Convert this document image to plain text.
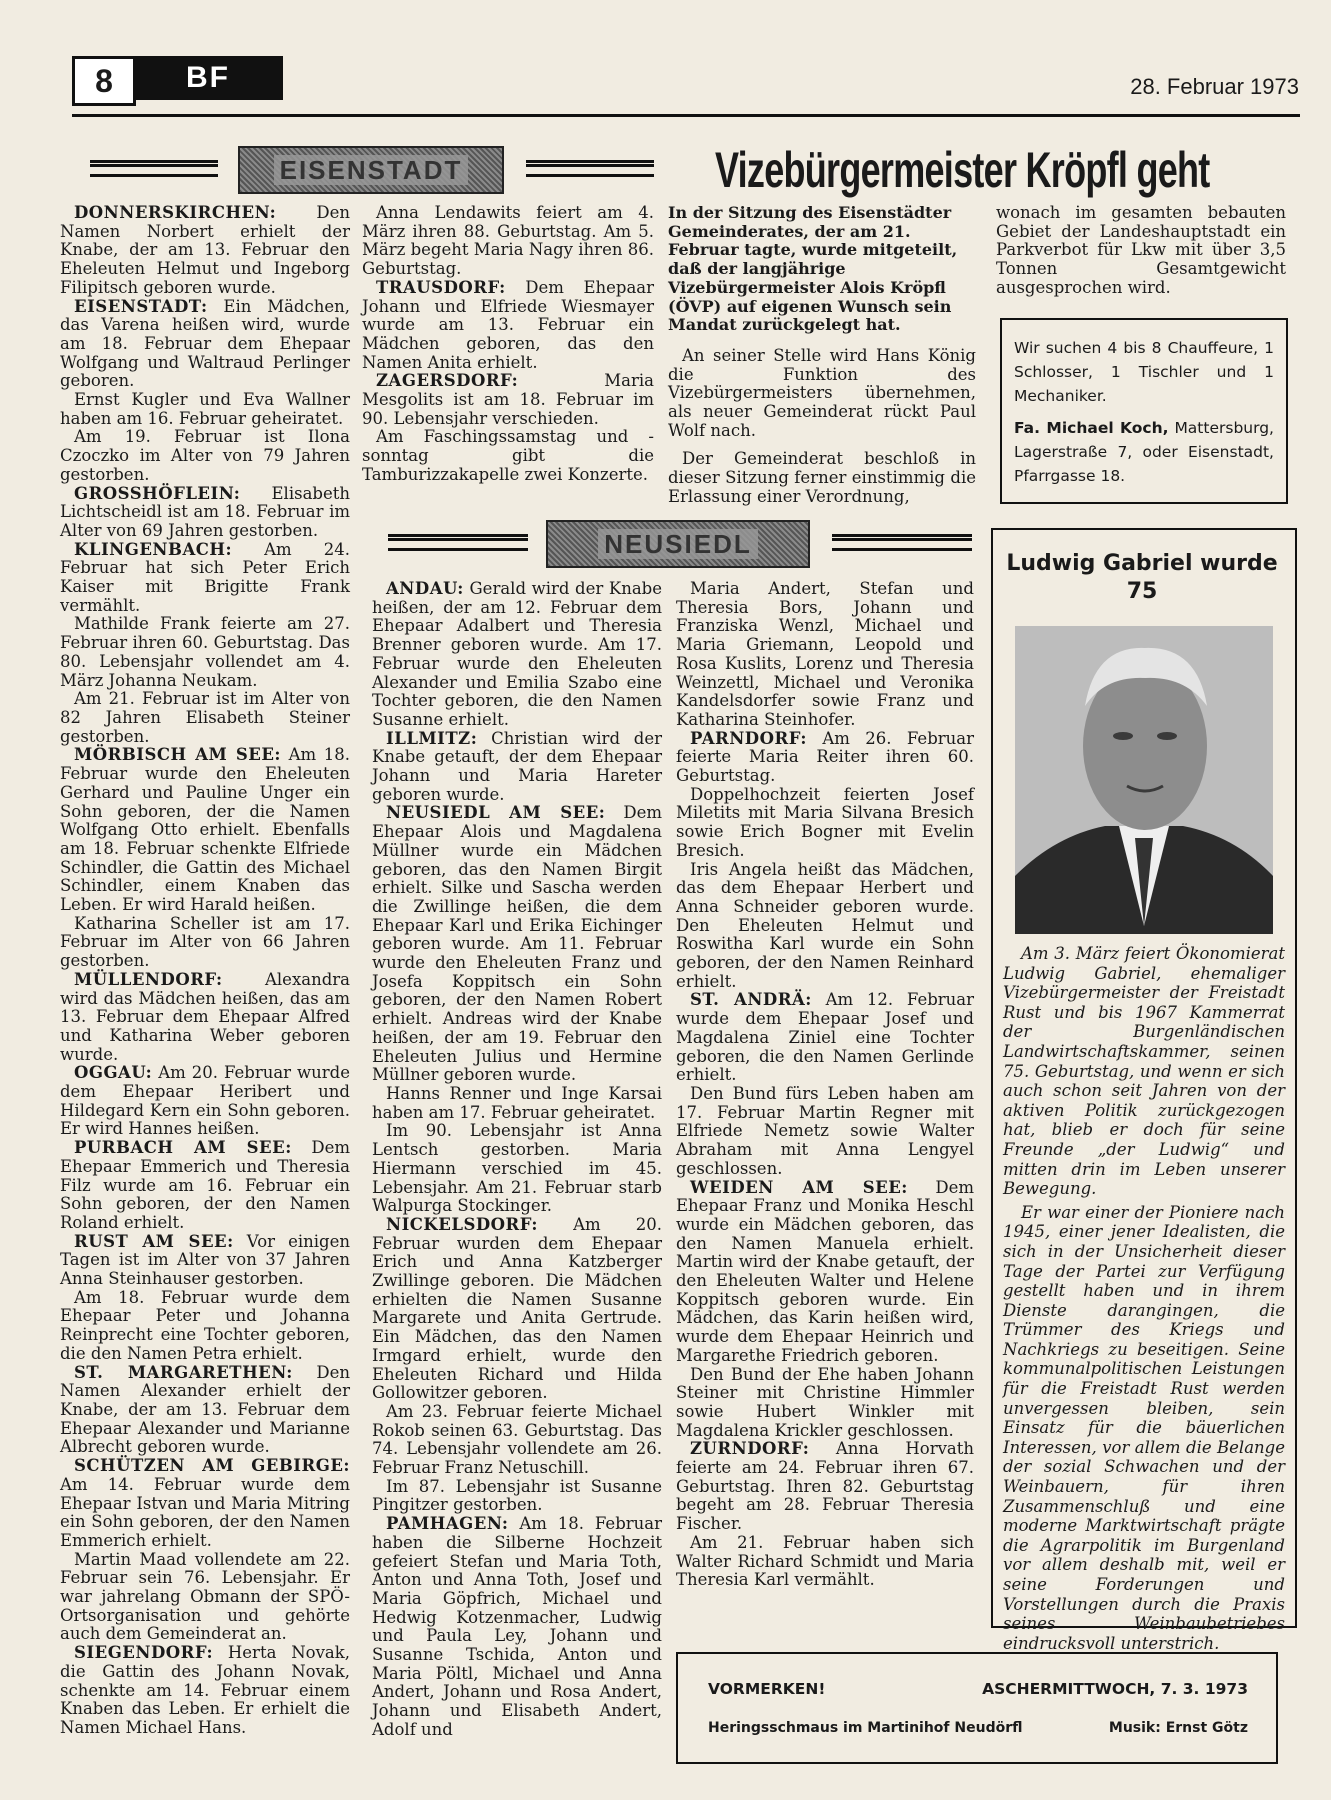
8	BF	28. Februar 1973
EISENSTADT	Vizebürgermeister Kröpfl geht

DONNERSKIRCHEN: Den Namen Norbert erhielt der Knabe, der am 13. Februar den Eheleuten Helmut und Ingeborg Filipitsch geboren wurde.

EISENSTADT: Ein Mädchen, das Varena heißen wird, wurde am 18. Februar dem Ehepaar Wolfgang und Waltraud Perlinger geboren.

Ernst Kugler und Eva Wallner haben am 16. Februar geheiratet.

Am 19. Februar ist Ilona Czoczko im Alter von 79 Jahren gestorben.

GROSSHÖFLEIN: Elisabeth Lichtscheidl ist am 18. Februar im Alter von 69 Jahren gestorben.

KLINGENBACH: Am 24. Februar hat sich Peter Erich Kaiser mit Brigitte Frank vermählt.

Mathilde Frank feierte am 27. Februar ihren 60. Geburtstag. Das 80. Lebensjahr vollendet am 4. März Johanna Neukam.

Am 21. Februar ist im Alter von 82 Jahren Elisabeth Steiner gestorben.

MÖRBISCH AM SEE: Am 18. Februar wurde den Eheleuten Gerhard und Pauline Unger ein Sohn geboren, der die Namen Wolfgang Otto erhielt. Ebenfalls am 18. Februar schenkte Elfriede Schindler, die Gattin des Michael Schindler, einem Knaben das Leben. Er wird Harald heißen.

Katharina Scheller ist am 17. Februar im Alter von 66 Jahren gestorben.

MÜLLENDORF:	Alexandra wird das Mädchen heißen, das am 13. Februar dem Ehepaar Alfred und Katharina Weber geboren wurde.

OGGAU: Am 20. Februar wurde dem Ehepaar Heribert und Hildegard Kern ein Sohn geboren. Er wird Hannes heißen.

PURBACH AM SEE: Dem Ehepaar Emmerich und Theresia Filz wurde am 16. Februar ein Sohn geboren, der den Namen Roland erhielt.

RUST AM SEE: Vor einigen Tagen ist im Alter von 37 Jahren Anna Steinhauser gestorben.

Am 18. Februar wurde dem Ehepaar Peter und Johanna Reinprecht eine Tochter geboren, die den Namen Petra erhielt.

ST. MARGARETHEN: Den Namen Alexander erhielt der Knabe, der am 13. Februar dem Ehepaar Alexander und Marianne Albrecht geboren wurde.

SCHÜTZEN AM GEBIRGE: Am 14. Februar wurde dem Ehepaar Istvan und Maria Mitring ein Sohn geboren, der den Namen Emmerich erhielt.

Martin Maad vollendete am 22. Februar sein 76. Lebensjahr. Er war jahrelang Obmann der SPÖ-Ortsorganisation und gehörte auch dem Gemeinderat an.

SIEGENDORF: Herta Novak, die Gattin des Johann Novak, schenkte am 14. Februar einem Knaben das Leben. Er erhielt die Namen Michael Hans.

Anna Lendawits feiert am 4. März ihren 88. Geburtstag. Am 5. März begeht Maria Nagy ihren 86. Geburtstag.

TRAUSDORF: Dem Ehepaar Johann und Elfriede Wiesmayer wurde am 13. Februar ein Mädchen geboren, das den Namen Anita erhielt.

ZAGERSDORF:	Maria Mesgolits ist am 18. Februar im 90. Lebensjahr verschieden.

Am Faschingssamstag und -sonntag gibt die Tamburizzakapelle zwei Konzerte.

In der Sitzung des Eisenstädter Gemeinderates, der am 21. Februar tagte, wurde mitgeteilt, daß der langjährige Vizebürgermeister Alois Kröpfl (ÖVP) auf eigenen Wunsch sein Mandat zurückgelegt hat.

An seiner Stelle wird Hans König die Funktion des Vizebürgermeisters übernehmen, als neuer Gemeinderat rückt Paul Wolf nach.

Der Gemeinderat beschloß in dieser Sitzung ferner einstimmig die Erlassung einer Verordnung,

wonach im gesamten bebauten Gebiet der Landeshauptstadt ein Parkverbot für Lkw mit über 3,5 Tonnen Gesamtgewicht ausgesprochen wird.

Wir suchen 4 bis 8 Chauffeure, 1 Schlosser, 1 Tischler und 1 Mechaniker.

Fa. Michael Koch, Mattersburg, Lagerstraße 7, oder Eisenstadt, Pfarrgasse 18.

NEUSIEDL

ANDAU: Gerald wird der Knabe heißen, der am 12. Februar dem Ehepaar Adalbert und Theresia Brenner geboren wurde. Am 17. Februar wurde den Eheleuten Alexander und Emilia Szabo eine Tochter geboren, die den Namen Susanne erhielt.

ILLMITZ: Christian wird der Knabe getauft, der dem Ehepaar Johann und Maria Hareter geboren wurde.

NEUSIEDL AM SEE: Dem Ehepaar Alois und Magdalena Müllner wurde ein Mädchen geboren, das den Namen Birgit erhielt. Silke und Sascha werden die Zwillinge heißen, die dem Ehepaar Karl und Erika Eichinger geboren wurde. Am 11. Februar wurde den Eheleuten Franz und Josefa Koppitsch ein Sohn geboren, der den Namen Robert erhielt. Andreas wird der Knabe heißen, der am 19. Februar den Eheleuten Julius und Hermine Müllner geboren wurde.

Hanns Renner und Inge Karsai haben am 17. Februar geheiratet.

Im 90. Lebensjahr ist Anna Lentsch gestorben. Maria Hiermann verschied im 45. Lebensjahr. Am 21. Februar starb Walpurga Stockinger.

NICKELSDORF: Am 20. Februar wurden dem Ehepaar Erich und Anna Katzberger Zwillinge geboren. Die Mädchen erhielten die Namen Susanne Margarete und Anita Gertrude. Ein Mädchen, das den Namen Irmgard erhielt, wurde den Eheleuten Richard und Hilda Gollowitzer geboren.

Am 23. Februar feierte Michael Rokob seinen 63. Geburtstag. Das 74. Lebensjahr vollendete am 26. Februar Franz Netuschill.

Im 87. Lebensjahr ist Susanne Pingitzer gestorben.

PAMHAGEN: Am 18. Februar haben die Silberne Hochzeit gefeiert Stefan und Maria Toth, Anton und Anna Toth, Josef und Maria Göpfrich, Michael und Hedwig Kotzenmacher, Ludwig und Paula Ley, Johann und Susanne Tschida, Anton und Maria Pöltl, Michael und Anna Andert, Johann und Rosa Andert, Johann und Elisabeth Andert, Adolf und

Maria Andert, Stefan und Theresia Bors, Johann und Franziska Wenzl, Michael und Maria Griemann, Leopold und Rosa Kuslits, Lorenz und Theresia Weinzettl, Michael und Veronika Kandelsdorfer sowie Franz und Katharina Steinhofer.

PARNDORF: Am 26. Februar feierte Maria Reiter ihren 60. Geburtstag.

Doppelhochzeit feierten Josef Miletits mit Maria Silvana Bresich sowie Erich Bogner mit Evelin Bresich.

Iris Angela heißt das Mädchen, das dem Ehepaar Herbert und Anna Schneider geboren wurde. Den Eheleuten Helmut und Roswitha Karl wurde ein Sohn geboren, der den Namen Reinhard erhielt.

ST. ANDRÄ: Am 12. Februar wurde dem Ehepaar Josef und Magdalena Ziniel eine Tochter geboren, die den Namen Gerlinde erhielt.

Den Bund fürs Leben haben am 17. Februar Martin Regner mit Elfriede Nemetz sowie Walter Abraham mit Anna Lengyel geschlossen.

WEIDEN AM SEE: Dem Ehepaar Franz und Monika Heschl wurde ein Mädchen geboren, das den Namen Manuela erhielt. Martin wird der Knabe getauft, der den Eheleuten Walter und Helene Koppitsch geboren wurde. Ein Mädchen, das Karin heißen wird, wurde dem Ehepaar Heinrich und Margarethe Friedrich geboren.

Den Bund der Ehe haben Johann Steiner mit Christine Himmler sowie Hubert Winkler mit Magdalena Krickler geschlossen.

ZURNDORF: Anna Horvath feierte am 24. Februar ihren 67. Geburtstag. Ihren 82. Geburtstag begeht am 28. Februar Theresia Fischer.

Am 21. Februar haben sich Walter Richard Schmidt und Maria Theresia Karl vermählt.

Ludwig Gabriel wurde 75

Am 3. März feiert Ökonomierat Ludwig Gabriel, ehemaliger Vizebürgermeister der Freistadt Rust und bis 1967 Kammerrat der Burgenländischen Landwirtschaftskammer, seinen 75. Geburtstag, und wenn er sich auch schon seit Jahren von der aktiven Politik zurückgezogen hat, blieb er doch für seine Freunde „der Ludwig“ und mitten drin im Leben unserer Bewegung.

Er war einer der Pioniere nach 1945, einer jener Idealisten, die sich in der Unsicherheit dieser Tage der Partei zur Verfügung gestellt haben und in ihrem Dienste darangingen, die Trümmer des Kriegs und Nachkriegs zu beseitigen. Seine kommunalpolitischen Leistungen für die Freistadt Rust werden unvergessen bleiben, sein Einsatz für die bäuerlichen Interessen, vor allem die Belange der sozial Schwachen und der Weinbauern, für ihren Zusammenschluß und eine moderne Marktwirtschaft prägte die Agrarpolitik im Burgenland vor allem deshalb mit, weil er seine Forderungen und Vorstellungen durch die Praxis seines Weinbaubetriebes eindrucksvoll unterstrich.

VORMERKEN!	ASCHERMITTWOCH, 7. 3. 1973
Heringsschmaus im Martinihof Neudörfl	Musik: Ernst Götz
